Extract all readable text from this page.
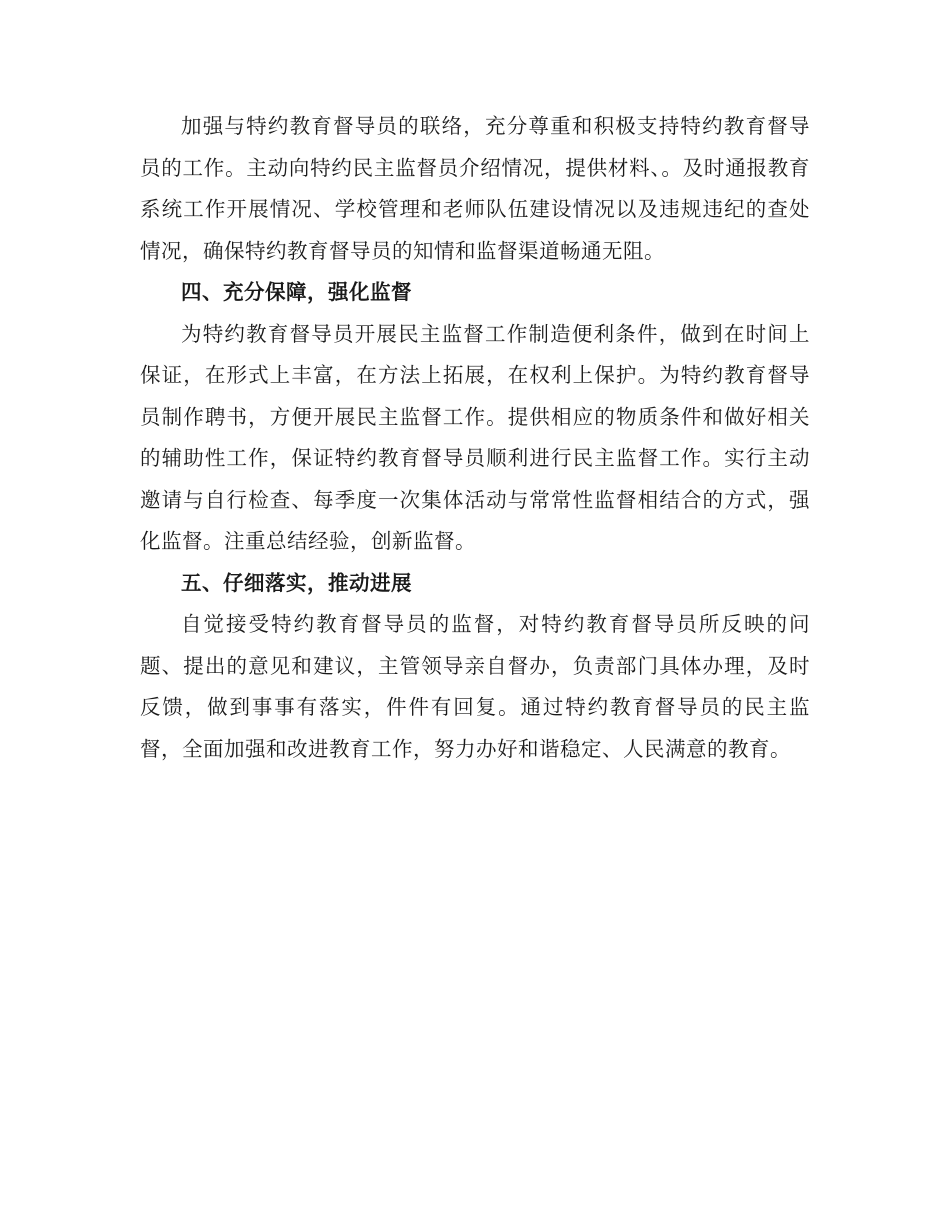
加强与特约教育督导员的联络，充分尊重和积极支持特约教育督导员的工作。主动向特约民主监督员介绍情况，提供材料、。及时通报教育系统工作开展情况、学校管理和老师队伍建设情况以及违规违纪的查处情况，确保特约教育督导员的知情和监督渠道畅通无阻。

四、充分保障，强化监督

为特约教育督导员开展民主监督工作制造便利条件，做到在时间上保证，在形式上丰富，在方法上拓展，在权利上保护。为特约教育督导员制作聘书，方便开展民主监督工作。提供相应的物质条件和做好相关的辅助性工作，保证特约教育督导员顺利进行民主监督工作。实行主动邀请与自行检查、每季度一次集体活动与常常性监督相结合的方式，强化监督。注重总结经验，创新监督。

五、仔细落实，推动进展

自觉接受特约教育督导员的监督，对特约教育督导员所反映的问题、提出的意见和建议，主管领导亲自督办，负责部门具体办理，及时反馈，做到事事有落实，件件有回复。通过特约教育督导员的民主监督，全面加强和改进教育工作，努力办好和谐稳定、人民满意的教育。
